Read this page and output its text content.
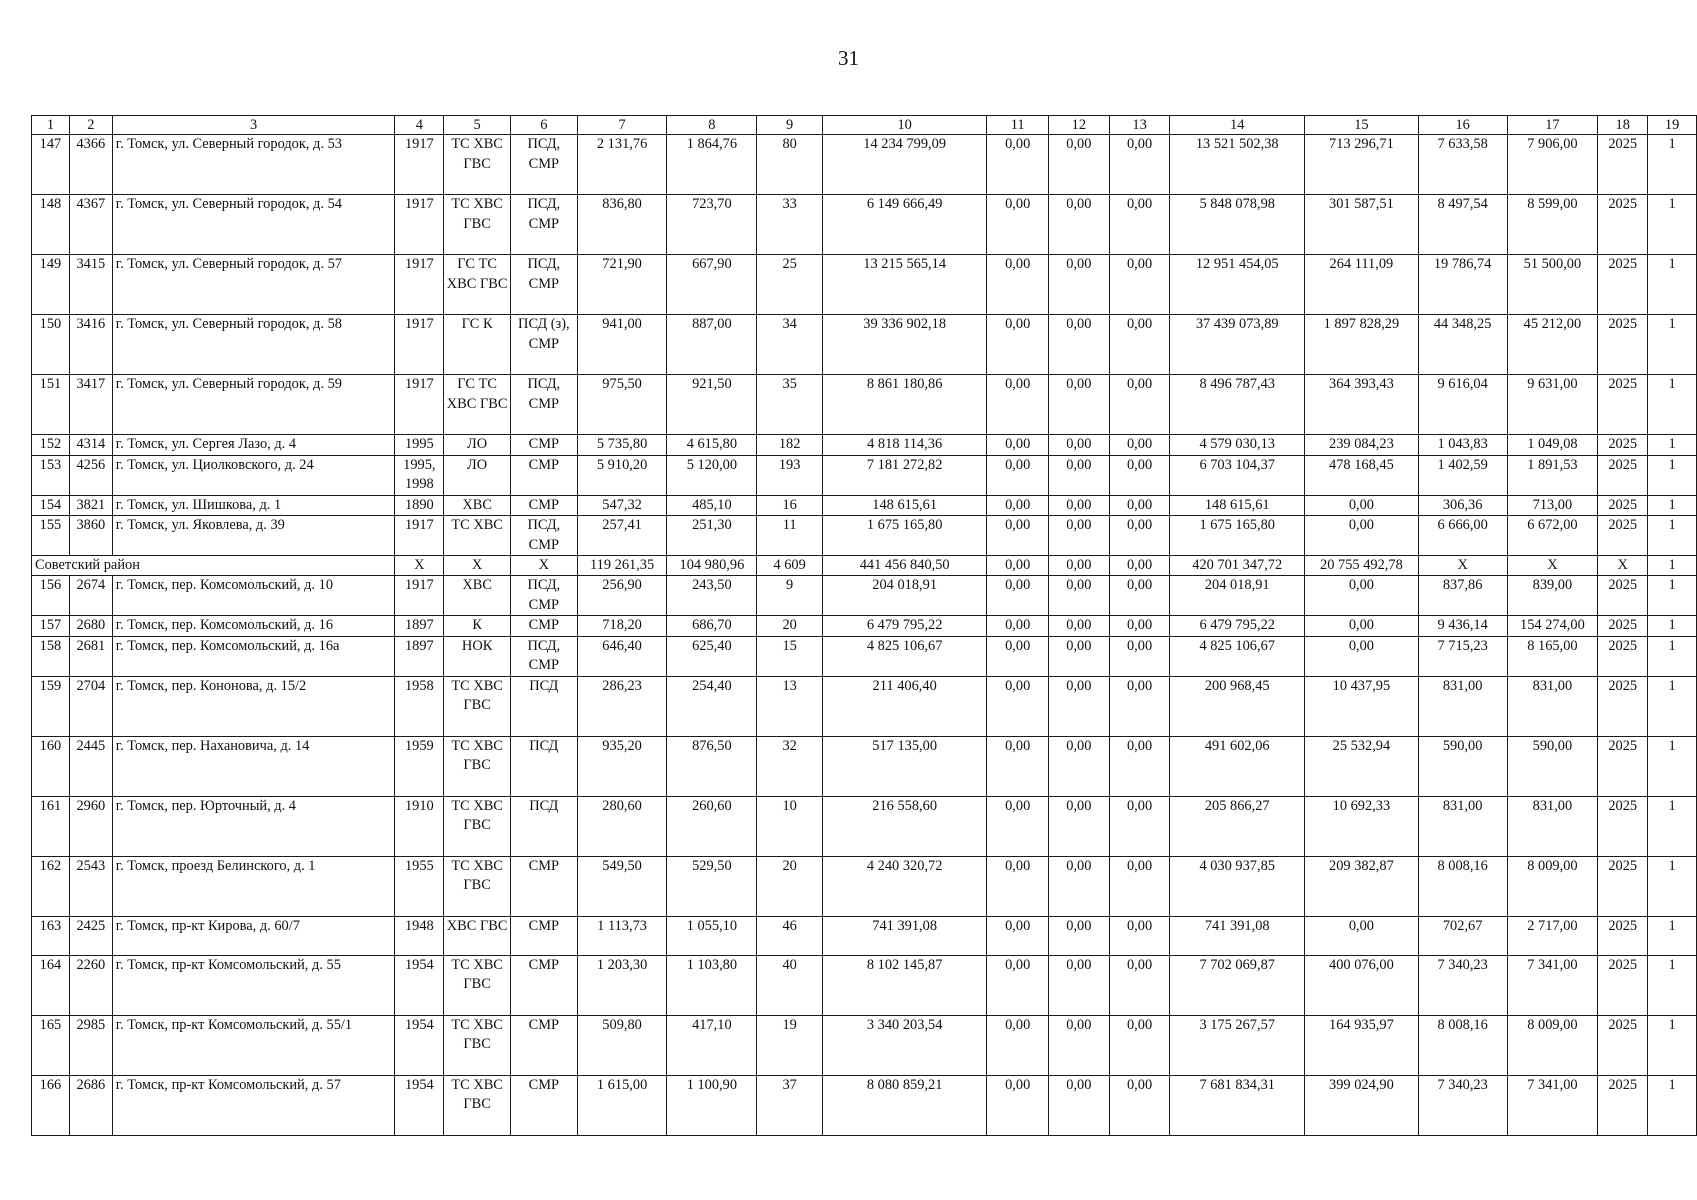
31
1	2	3	4	5	6	7	8	9	10	11	12	13	14	15	16	17	18	19
147	4366	г. Томск, ул. Северный городок, д. 53	1917	ТС ХВС ГВС	ПСД, СМР	2 131,76	1 864,76	80	14 234 799,09	0,00	0,00	0,00	13 521 502,38	713 296,71	7 633,58	7 906,00	2025	1
148	4367	г. Томск, ул. Северный городок, д. 54	1917	ТС ХВС ГВС	ПСД, СМР	836,80	723,70	33	6 149 666,49	0,00	0,00	0,00	5 848 078,98	301 587,51	8 497,54	8 599,00	2025	1
149	3415	г. Томск, ул. Северный городок, д. 57	1917	ГС ТС ХВС ГВС	ПСД, СМР	721,90	667,90	25	13 215 565,14	0,00	0,00	0,00	12 951 454,05	264 111,09	19 786,74	51 500,00	2025	1
150	3416	г. Томск, ул. Северный городок, д. 58	1917	ГС К	ПСД (з), СМР	941,00	887,00	34	39 336 902,18	0,00	0,00	0,00	37 439 073,89	1 897 828,29	44 348,25	45 212,00	2025	1
151	3417	г. Томск, ул. Северный городок, д. 59	1917	ГС ТС ХВС ГВС	ПСД, СМР	975,50	921,50	35	8 861 180,86	0,00	0,00	0,00	8 496 787,43	364 393,43	9 616,04	9 631,00	2025	1
152	4314	г. Томск, ул. Сергея Лазо, д. 4	1995	ЛО	СМР	5 735,80	4 615,80	182	4 818 114,36	0,00	0,00	0,00	4 579 030,13	239 084,23	1 043,83	1 049,08	2025	1
153	4256	г. Томск, ул. Циолковского, д. 24	1995, 1998	ЛО	СМР	5 910,20	5 120,00	193	7 181 272,82	0,00	0,00	0,00	6 703 104,37	478 168,45	1 402,59	1 891,53	2025	1
154	3821	г. Томск, ул. Шишкова, д. 1	1890	ХВС	СМР	547,32	485,10	16	148 615,61	0,00	0,00	0,00	148 615,61	0,00	306,36	713,00	2025	1
155	3860	г. Томск, ул. Яковлева, д. 39	1917	ТС ХВС	ПСД, СМР	257,41	251,30	11	1 675 165,80	0,00	0,00	0,00	1 675 165,80	0,00	6 666,00	6 672,00	2025	1
Советский район			Х	Х	Х	119 261,35	104 980,96	4 609	441 456 840,50	0,00	0,00	0,00	420 701 347,72	20 755 492,78	Х	Х	Х	1
156	2674	г. Томск, пер. Комсомольский, д. 10	1917	ХВС	ПСД, СМР	256,90	243,50	9	204 018,91	0,00	0,00	0,00	204 018,91	0,00	837,86	839,00	2025	1
157	2680	г. Томск, пер. Комсомольский, д. 16	1897	К	СМР	718,20	686,70	20	6 479 795,22	0,00	0,00	0,00	6 479 795,22	0,00	9 436,14	154 274,00	2025	1
158	2681	г. Томск, пер. Комсомольский, д. 16а	1897	НОК	ПСД, СМР	646,40	625,40	15	4 825 106,67	0,00	0,00	0,00	4 825 106,67	0,00	7 715,23	8 165,00	2025	1
159	2704	г. Томск, пер. Кононова, д. 15/2	1958	ТС ХВС ГВС	ПСД	286,23	254,40	13	211 406,40	0,00	0,00	0,00	200 968,45	10 437,95	831,00	831,00	2025	1
160	2445	г. Томск, пер. Нахановича, д. 14	1959	ТС ХВС ГВС	ПСД	935,20	876,50	32	517 135,00	0,00	0,00	0,00	491 602,06	25 532,94	590,00	590,00	2025	1
161	2960	г. Томск, пер. Юрточный, д. 4	1910	ТС ХВС ГВС	ПСД	280,60	260,60	10	216 558,60	0,00	0,00	0,00	205 866,27	10 692,33	831,00	831,00	2025	1
162	2543	г. Томск, проезд Белинского, д. 1	1955	ТС ХВС ГВС	СМР	549,50	529,50	20	4 240 320,72	0,00	0,00	0,00	4 030 937,85	209 382,87	8 008,16	8 009,00	2025	1
163	2425	г. Томск, пр-кт Кирова, д. 60/7	1948	ХВС ГВС	СМР	1 113,73	1 055,10	46	741 391,08	0,00	0,00	0,00	741 391,08	0,00	702,67	2 717,00	2025	1
164	2260	г. Томск, пр-кт Комсомольский, д. 55	1954	ТС ХВС ГВС	СМР	1 203,30	1 103,80	40	8 102 145,87	0,00	0,00	0,00	7 702 069,87	400 076,00	7 340,23	7 341,00	2025	1
165	2985	г. Томск, пр-кт Комсомольский, д. 55/1	1954	ТС ХВС ГВС	СМР	509,80	417,10	19	3 340 203,54	0,00	0,00	0,00	3 175 267,57	164 935,97	8 008,16	8 009,00	2025	1
166	2686	г. Томск, пр-кт Комсомольский, д. 57	1954	ТС ХВС ГВС	СМР	1 615,00	1 100,90	37	8 080 859,21	0,00	0,00	0,00	7 681 834,31	399 024,90	7 340,23	7 341,00	2025	1
